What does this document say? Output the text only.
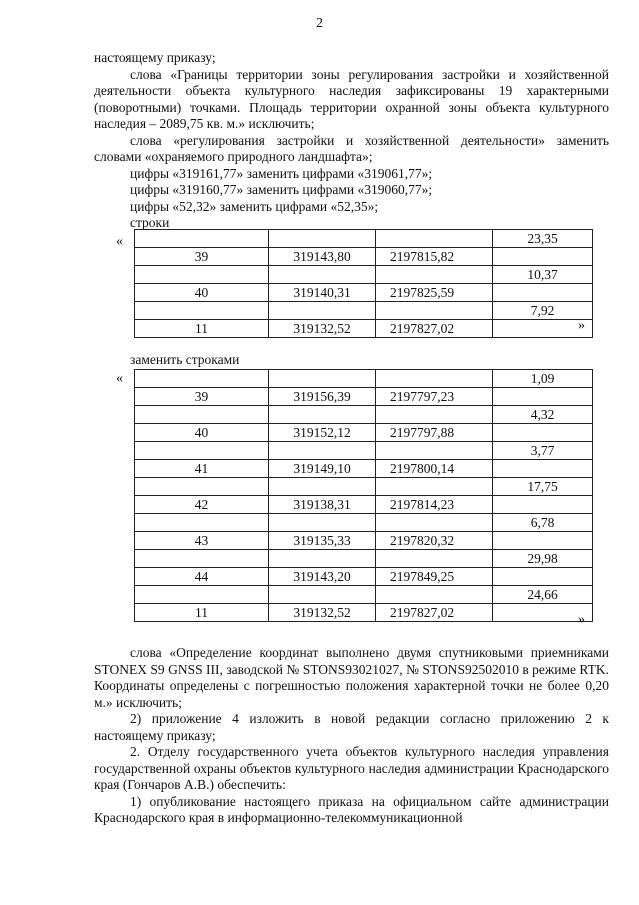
2

настоящему приказу;

слова «Границы территории зоны регулирования застройки и хозяйственной деятельности объекта культурного наследия зафиксированы 19 характерными (поворотными) точками. Площадь территории охранной зоны объекта культурного наследия – 2089,75 кв. м.» исключить;

слова «регулирования застройки и хозяйственной деятельности» заменить словами «охраняемого природного ландшафта»;

цифры «319161,77» заменить цифрами «319061,77»;

цифры «319160,77» заменить цифрами «319060,77»;

цифры «52,32» заменить цифрами «52,35»;

строки

«
				23,35
39	319143,80	2197815,82	
			10,37
40	319140,31	2197825,59	
			7,92
11	319132,52	2197827,02		»

заменить строками

«
				1,09
39	319156,39	2197797,23	
			4,32
40	319152,12	2197797,88	
			3,77
41	319149,10	2197800,14	
			17,75
42	319138,31	2197814,23	
			6,78
43	319135,33	2197820,32	
			29,98
44	319143,20	2197849,25	
			24,66
11	319132,52	2197827,02		»

слова «Определение координат выполнено двумя спутниковыми приемниками STONEX S9 GNSS III, заводской № STONS93021027, № STONS92502010 в режиме RTK. Координаты определены с погрешностью положения характерной точки не более 0,20 м.» исключить;

2) приложение 4 изложить в новой редакции согласно приложению 2 к настоящему приказу;

2. Отделу государственного учета объектов культурного наследия управления государственной охраны объектов культурного наследия администрации Краснодарского края (Гончаров А.В.) обеспечить:

1) опубликование настоящего приказа на официальном сайте администрации Краснодарского края в информационно-телекоммуникационной
